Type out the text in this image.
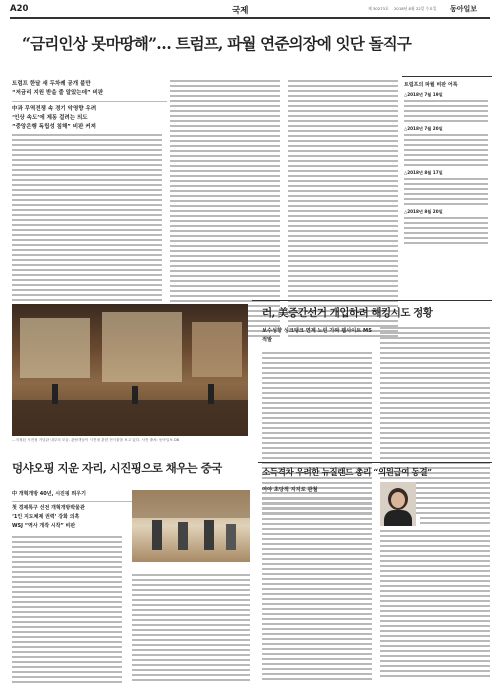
A20	국제	제 30273호 2018년 8월 22일 수요일 동아일보
“금리인상 못마땅해”… 트럼프, 파월 연준의장에 잇단 돌직구
트럼프 한달 새 두차례 공개 불만
“저금리 지원 받을 줄 알았는데” 비판
中과 무역전쟁 속 경기 악영향 우려
‘인상 속도’에 제동 걸려는 의도
“중앙은행 독립성 침해” 비판 커져
트럼프의 파월 비판 어록
△2018년 7월 19일
△2018년 7월 20일
△2018년 8월 17일
△2018년 8월 20일
러, 美증간선거 개입하려 해킹시도 정황
보수성향 싱크탱크 연계 노린 가짜 웹사이트 MS 적발
…지정된 시진핑 기념관 내부의 모습. 관람객들이 시진핑 관련 전시물을 보고 있다. 사진 출처: 동아일보 DB
덩샤오핑 지운 자리, 시진핑으로 채우는 중국
中 개혁개방 40년, 시진핑 띄우기
첫 경제특구 선전 개혁개방박물관
‘1인 지도체제 권력’ 강화 의혹
WSJ “역사 개작 시작” 비판
소득격차 우려한 뉴질랜드 총리 “의원급여 동결”
여야 초당적 지지로 관철
